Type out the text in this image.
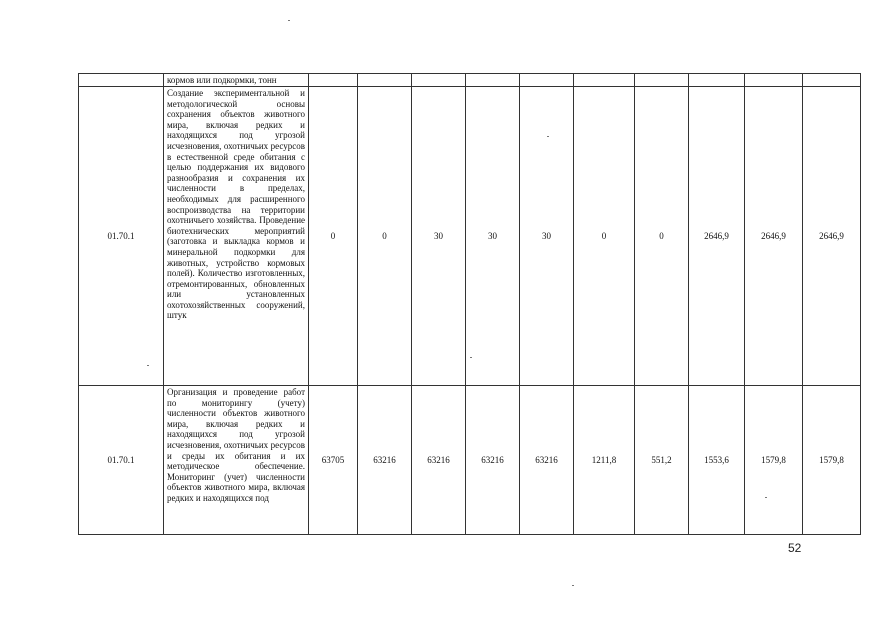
	кормов или подкормки, тонн										
01.70.1	Создание экспериментальной и методологической основы сохранения объектов животного мира, включая редких и находящихся под угрозой исчезновения, охотничьих ресурсов в естественной среде обитания с целью поддержания их видового разнообразия и сохранения их численности в пределах, необходимых для расширенного воспроизводства на территории охотничьего хозяйства. Проведение биотехнических мероприятий (заготовка и выкладка кормов и минеральной подкормки для животных, устройство кормовых полей). Количество изготовленных, отремонтированных, обновленных или установленных охотохозяйственных сооружений, штук	0	0	30	30	30	0	0	2646,9	2646,9	2646,9
01.70.1	Организация и проведение работ по мониторингу (учету) численности объектов животного мира, включая редких и находящихся под угрозой исчезновения, охотничьих ресурсов и среды их обитания и их методическое обеспечение. Мониторинг (учет) численности объектов животного мира, включая редких и находящихся под	63705	63216	63216	63216	63216	1211,8	551,2	1553,6	1579,8	1579,8
52
